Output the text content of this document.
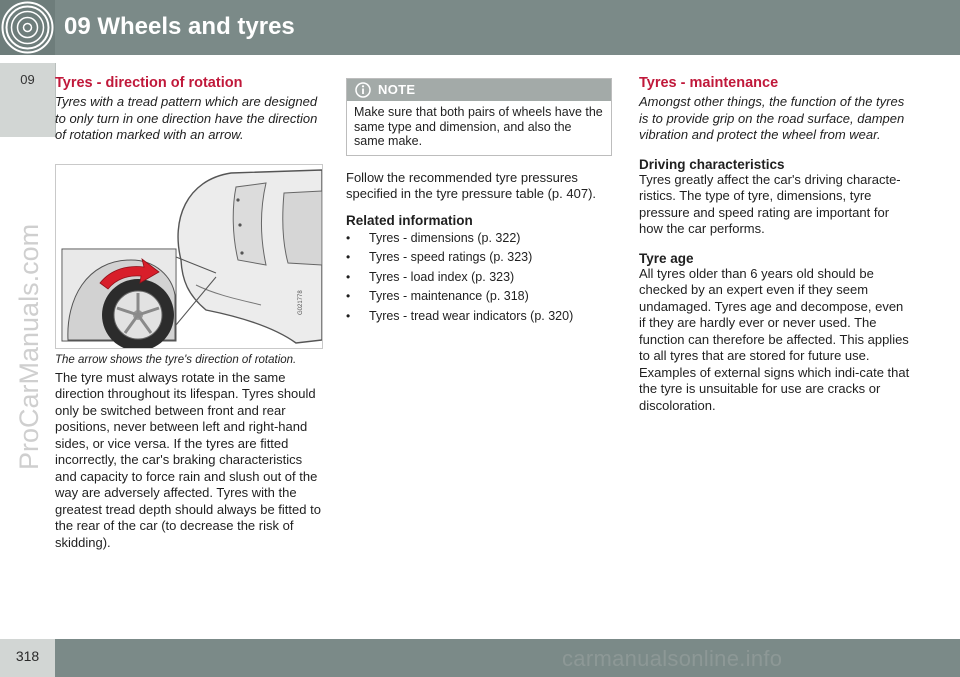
09 Wheels and tyres
09
ProCarManuals.com
Tyres - direction of rotation

Tyres with a tread pattern which are designed to only turn in one direction have the direction of rotation marked with an arrow.

G021778

The arrow shows the tyre's direction of rotation.

The tyre must always rotate in the same direction throughout its lifespan. Tyres should only be switched between front and rear positions, never between left and right-hand sides, or vice versa. If the tyres are fitted incorrectly, the car's braking characteristics and capacity to force rain and slush out of the way are adversely affected. Tyres with the greatest tread depth should always be fitted to the rear of the car (to decrease the risk of skidding).

NOTE
Make sure that both pairs of wheels have the same type and dimension, and also the same make.

Follow the recommended tyre pressures specified in the tyre pressure table (p. 407).

Related information
• Tyres - dimensions (p. 322)
• Tyres - speed ratings (p. 323)
• Tyres - load index (p. 323)
• Tyres - maintenance (p. 318)
• Tyres - tread wear indicators (p. 320)
Tyres - maintenance

Amongst other things, the function of the tyres is to provide grip on the road surface, dampen vibration and protect the wheel from wear.

Driving characteristics

Tyres greatly affect the car's driving characte-ristics. The type of tyre, dimensions, tyre pressure and speed rating are important for how the car performs.

Tyre age

All tyres older than 6 years old should be checked by an expert even if they seem undamaged. Tyres age and decompose, even if they are hardly ever or never used. The function can therefore be affected. This applies to all tyres that are stored for future use. Examples of external signs which indi-cate that the tyre is unsuitable for use are cracks or discoloration.

318	carmanualsonline.info
